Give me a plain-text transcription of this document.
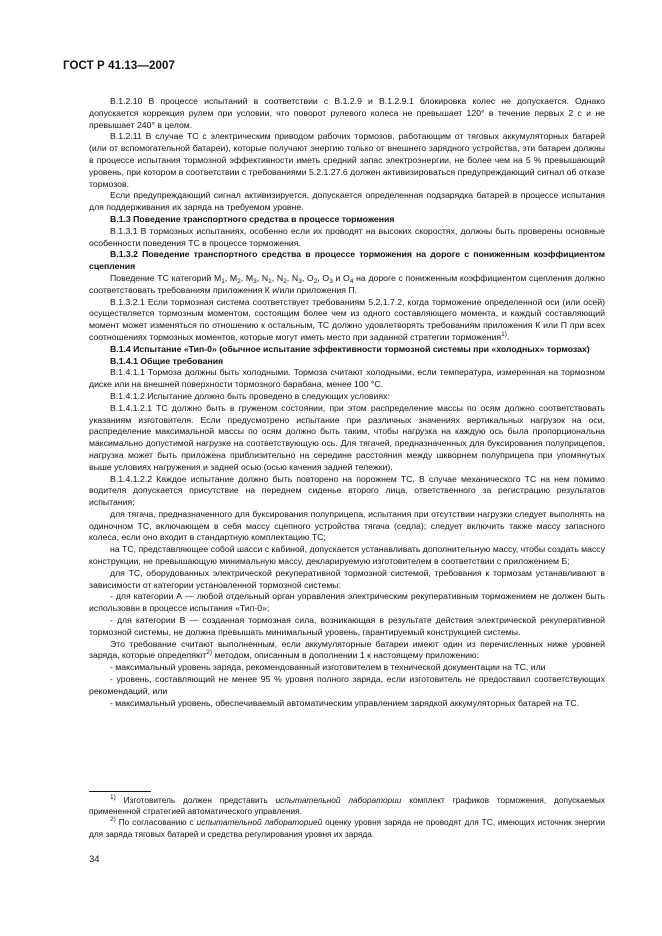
ГОСТ Р 41.13—2007

B.1.2.10 В процессе испытаний в соответствии с B.1.2.9 и B.1.2.9.1 блокировка колес не допускается. Однако допускается коррекция рулем при условии, что поворот рулевого колеса не превышает 120° в течение первых 2 с и не превышает 240° в целом.

B.1.2.11 В случае ТС с электрическим приводом рабочих тормозов, работающим от тяговых аккумуляторных батарей (или от вспомогательной батареи), которые получают энергию только от внешнего зарядного устройства, эти батареи должны в процессе испытания тормозной эффективности иметь средний запас электроэнергии, не более чем на 5 % превышающий уровень, при котором в соответствии с требованиями 5.2.1.27.6 должен активизироваться предупреждающий сигнал об отказе тормозов.

Если предупреждающий сигнал активизируется, допускается определенная подзарядка батарей в процессе испытания для поддерживания их заряда на требуемом уровне.

B.1.3 Поведение транспортного средства в процессе торможения

B.1.3.1 В тормозных испытаниях, особенно если их проводят на высоких скоростях, должны быть проверены основные особенности поведения ТС в процессе торможения.

B.1.3.2 Поведение транспортного средства в процессе торможения на дороге с пониженным коэффициентом сцепления

Поведение ТС категорий $M_1$, $M_2$, $M_3$, $N_1$, $N_2$, $N_3$, $O_2$, $O_3$ и $O_4$ на дороге с пониженным коэффициентом сцепления должно соответствовать требованиям приложения К и/или приложения П.

B.1.3.2.1 Если тормозная система соответствует требованиям 5.2.1.7.2, когда торможение определенной оси (или осей) осуществляется тормозным моментом, состоящим более чем из одного составляющего момента, и каждый составляющий момент может изменяться по отношению к остальным, ТС должно удовлетворять требованиям приложения К или П при всех соотношениях тормозных моментов, которые могут иметь место при заданной стратегии торможения$^{1)}$.

B.1.4 Испытание «Тип-0» (обычное испытание эффективности тормозной системы при «холодных» тормозах)

B.1.4.1 Общие требования

B.1.4.1.1 Тормоза должны быть холодными. Тормоза считают холодными, если температура, измеренная на тормозном диске или на внешней поверхности тормозного барабана, менее 100 °С.

B.1.4.1.2 Испытание должно быть проведено в следующих условиях:

B.1.4.1.2.1 ТС должно быть в груженом состоянии, при этом распределение массы по осям должно соответствовать указаниям изготовителя. Если предусмотрено испытание при различных значениях вертикальных нагрузок на оси, распределение максимальной массы по осям должно быть таким, чтобы нагрузка на каждую ось была пропорциональна максимально допустимой нагрузке на соответствующую ось. Для тягачей, предназначенных для буксирования полуприцепов, нагрузка может быть приложена приблизительно на середине расстояния между шкворнем полуприцепа при упомянутых выше условиях нагружения и задней осью (осью качения задней тележки).

B.1.4.1.2.2 Каждое испытание должно быть повторено на порожнем ТС. В случае механического ТС на нем помимо водителя допускается присутствие на переднем сиденье второго лица, ответственного за регистрацию результатов испытания;

для тягача, предназначенного для буксирования полуприцепа, испытания при отсутствии нагрузки следует выполнять на одиночном ТС, включающем в себя массу сцепного устройства тягача (седла); следует включить также массу запасного колеса, если оно входит в стандартную комплектацию ТС;

на ТС, представляющее собой шасси с кабиной, допускается устанавливать дополнительную массу, чтобы создать массу конструкции, не превышающую минимальную массу, декларируемую изготовителем в соответствии с приложением Б;

для ТС, оборудованных электрической рекуперативной тормозной системой, требования к тормозам устанавливают в зависимости от категории установленной тормозной системы:

- для категории А — любой отдельный орган управления электрическим рекуперативным торможением не должен быть использован в процессе испытания «Тип-0»;

- для категории В — созданная тормозная сила, возникающая в результате действия электрической рекуперативной тормозной системы, не должна превышать минимальный уровень, гарантируемый конструкцией системы.

Это требование считают выполненным, если аккумуляторные батареи имеют один из перечисленных ниже уровней заряда, которые определяют$^{2)}$ методом, описанным в дополнении 1 к настоящему приложению:

- максимальный уровень заряда, рекомендованный изготовителем в технической документации на ТС, или

- уровень, составляющий не менее 95 % уровня полного заряда, если изготовитель не предоставил соответствующих рекомендаций, или

- максимальный уровень, обеспечиваемый автоматическим управлением зарядкой аккумуляторных батарей на ТС.

$^{1)}$ Изготовитель должен представить испытательной лаборатории комплект графиков торможения, допускаемых примененной стратегией автоматического управления.

$^{2)}$ По согласованию с испытательной лабораторией оценку уровня заряда не проводят для ТС, имеющих источник энергии для заряда тяговых батарей и средства регулирования уровня их заряда.

34
